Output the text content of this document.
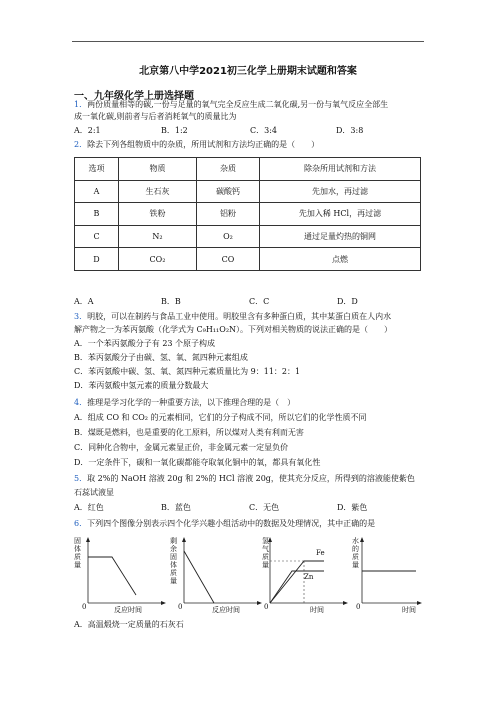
北京第八中学2021初三化学上册期末试题和答案
一、九年级化学上册选择题
1．两份质量相等的碳,一份与足量的氧气完全反应生成二氧化碳,另一份与氧气反应全部生
成一氧化碳,则前者与后者消耗氧气的质量比为
A．2:1	B．1:2	C．3:4	D．3:8
2．除去下列各组物质中的杂质，所用试剂和方法均正确的是（　　）
选项	物质	杂质	除杂所用试剂和方法
A	生石灰	碳酸钙	先加水，再过滤
B	铁粉	铝粉	先加入稀 HCl，再过滤
C	N₂	O₂	通过足量灼热的铜网
D	CO₂	CO	点燃
A．A	B．B	C．C	D．D
3．明胶，可以在制药与食品工业中使用。明胶里含有多种蛋白质，其中某蛋白质在人内水
解产物之一为苯丙氨酸（化学式为 C₉H₁₁O₂N）。下列对相关物质的说法正确的是（　　）
A．一个苯丙氨酸分子有 23 个原子构成
B．苯丙氨酸分子由碳、氢、氧、氮四种元素组成
C．苯丙氨酸中碳、氢、氧、氮四种元素质量比为 9：11：2：1
D．苯丙氨酸中氢元素的质量分数最大
4．推理是学习化学的一种重要方法，以下推理合理的是（　）
A．组成 CO 和 CO₂ 的元素相同，它们的分子构成不同，所以它们的化学性质不同
B．煤既是燃料，也是重要的化工原料，所以煤对人类有利而无害
C．同种化合物中，金属元素显正价，非金属元素一定显负价
D．一定条件下，碳和一氧化碳都能夺取氧化铜中的氧，都具有氧化性
5．取 2%的 NaOH 溶液 20g 和 2%的 HCl 溶液 20g，使其充分反应，所得到的溶液能使紫色
石蕊试液显
A．红色	B．蓝色	C．无色	D．紫色
6．下列四个图像分别表示四个化学兴趣小组活动中的数据及处理情况，其中正确的是
固体质量
0	反应时间
剩余固体质量
0	反应时间
氢气质量
Fe
Zn
0	时间
水的质量
0	时间
A．高温煅烧一定质量的石灰石
